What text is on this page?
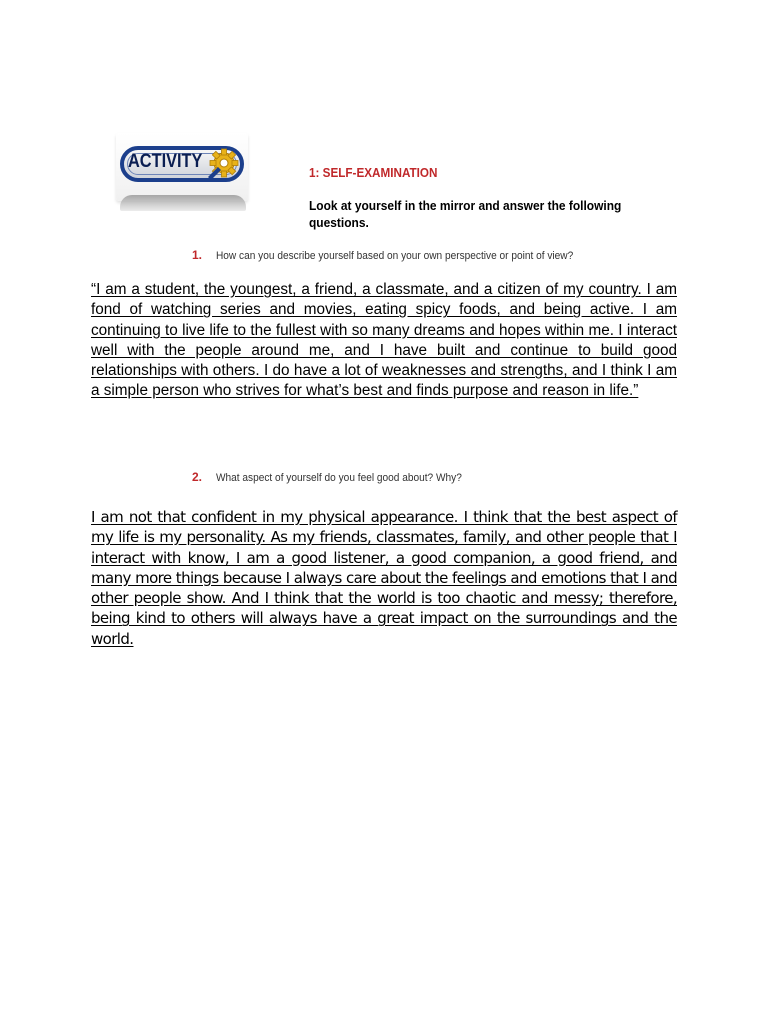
ACTIVITY
1: SELF-EXAMINATION
Look at yourself in the mirror and answer the following questions.
1. How can you describe yourself based on your own perspective or point of view?
“I am a student, the youngest, a friend, a classmate, and a citizen of my country. I am fond of watching series and movies, eating spicy foods, and being active. I am continuing to live life to the fullest with so many dreams and hopes within me. I interact well with the people around me, and I have built and continue to build good relationships with others. I do have a lot of weaknesses and strengths, and I think I am a simple person who strives for what’s best and finds purpose and reason in life.”
2. What aspect of yourself do you feel good about? Why?
I am not that confident in my physical appearance. I think that the best aspect of my life is my personality. As my friends, classmates, family, and other people that I interact with know, I am a good listener, a good companion, a good friend, and many more things because I always care about the feelings and emotions that I and other people show. And I think that the world is too chaotic and messy; therefore, being kind to others will always have a great impact on the surroundings and the world.
